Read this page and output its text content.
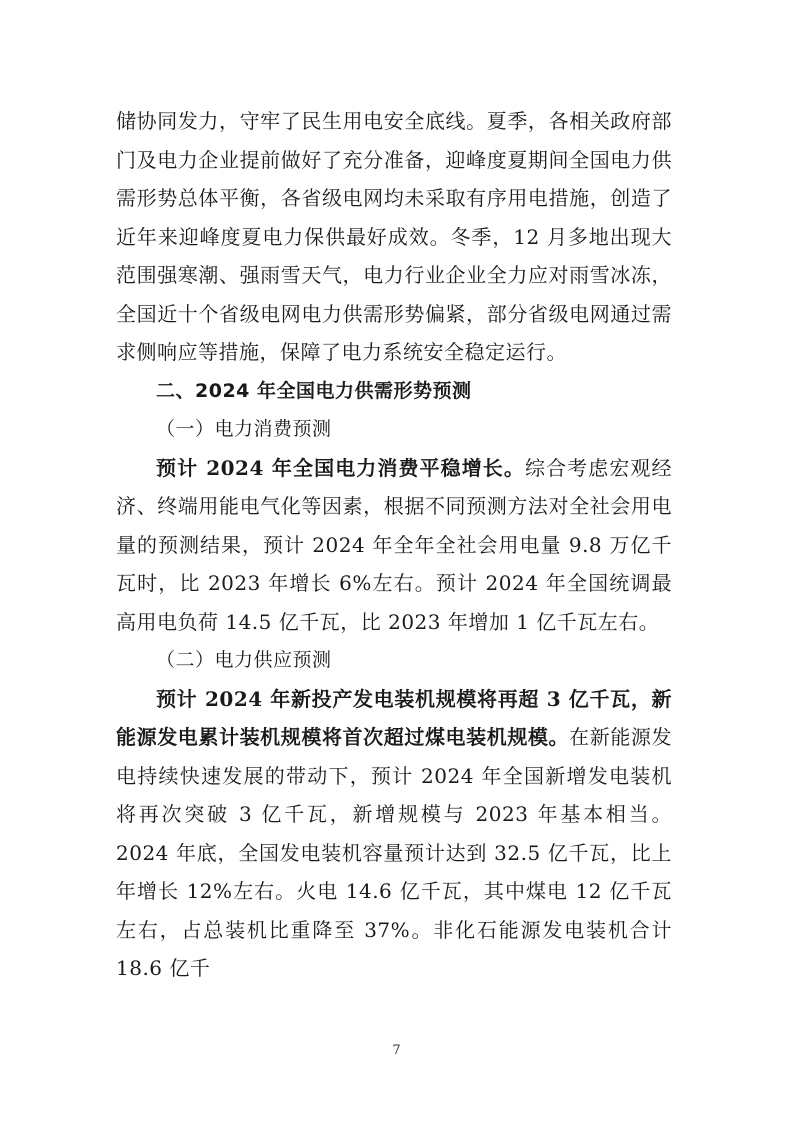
储协同发力，守牢了民生用电安全底线。夏季，各相关政府部门及电力企业提前做好了充分准备，迎峰度夏期间全国电力供需形势总体平衡，各省级电网均未采取有序用电措施，创造了近年来迎峰度夏电力保供最好成效。冬季，12 月多地出现大范围强寒潮、强雨雪天气，电力行业企业全力应对雨雪冰冻，全国近十个省级电网电力供需形势偏紧，部分省级电网通过需求侧响应等措施，保障了电力系统安全稳定运行。

二、2024 年全国电力供需形势预测

（一）电力消费预测

预计 2024 年全国电力消费平稳增长。综合考虑宏观经济、终端用能电气化等因素，根据不同预测方法对全社会用电量的预测结果，预计 2024 年全年全社会用电量 9.8 万亿千瓦时，比 2023 年增长 6%左右。预计 2024 年全国统调最高用电负荷 14.5 亿千瓦，比 2023 年增加 1 亿千瓦左右。

（二）电力供应预测

预计 2024 年新投产发电装机规模将再超 3 亿千瓦，新能源发电累计装机规模将首次超过煤电装机规模。在新能源发电持续快速发展的带动下，预计 2024 年全国新增发电装机将再次突破 3 亿千瓦，新增规模与 2023 年基本相当。2024 年底，全国发电装机容量预计达到 32.5 亿千瓦，比上年增长 12%左右。火电 14.6 亿千瓦，其中煤电 12 亿千瓦左右，占总装机比重降至 37%。非化石能源发电装机合计 18.6 亿千

7
